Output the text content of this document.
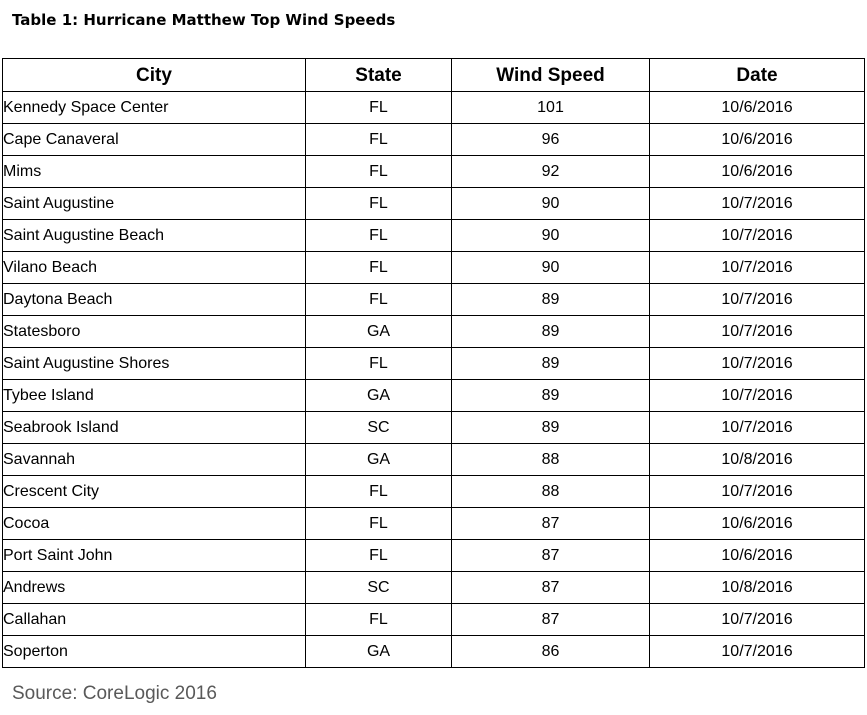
Table 1: Hurricane Matthew Top Wind Speeds
City	State	Wind Speed	Date
Kennedy Space Center	FL	101	10/6/2016
Cape Canaveral	FL	96	10/6/2016
Mims	FL	92	10/6/2016
Saint Augustine	FL	90	10/7/2016
Saint Augustine Beach	FL	90	10/7/2016
Vilano Beach	FL	90	10/7/2016
Daytona Beach	FL	89	10/7/2016
Statesboro	GA	89	10/7/2016
Saint Augustine Shores	FL	89	10/7/2016
Tybee Island	GA	89	10/7/2016
Seabrook Island	SC	89	10/7/2016
Savannah	GA	88	10/8/2016
Crescent City	FL	88	10/7/2016
Cocoa	FL	87	10/6/2016
Port Saint John	FL	87	10/6/2016
Andrews	SC	87	10/8/2016
Callahan	FL	87	10/7/2016
Soperton	GA	86	10/7/2016
Source: CoreLogic 2016
